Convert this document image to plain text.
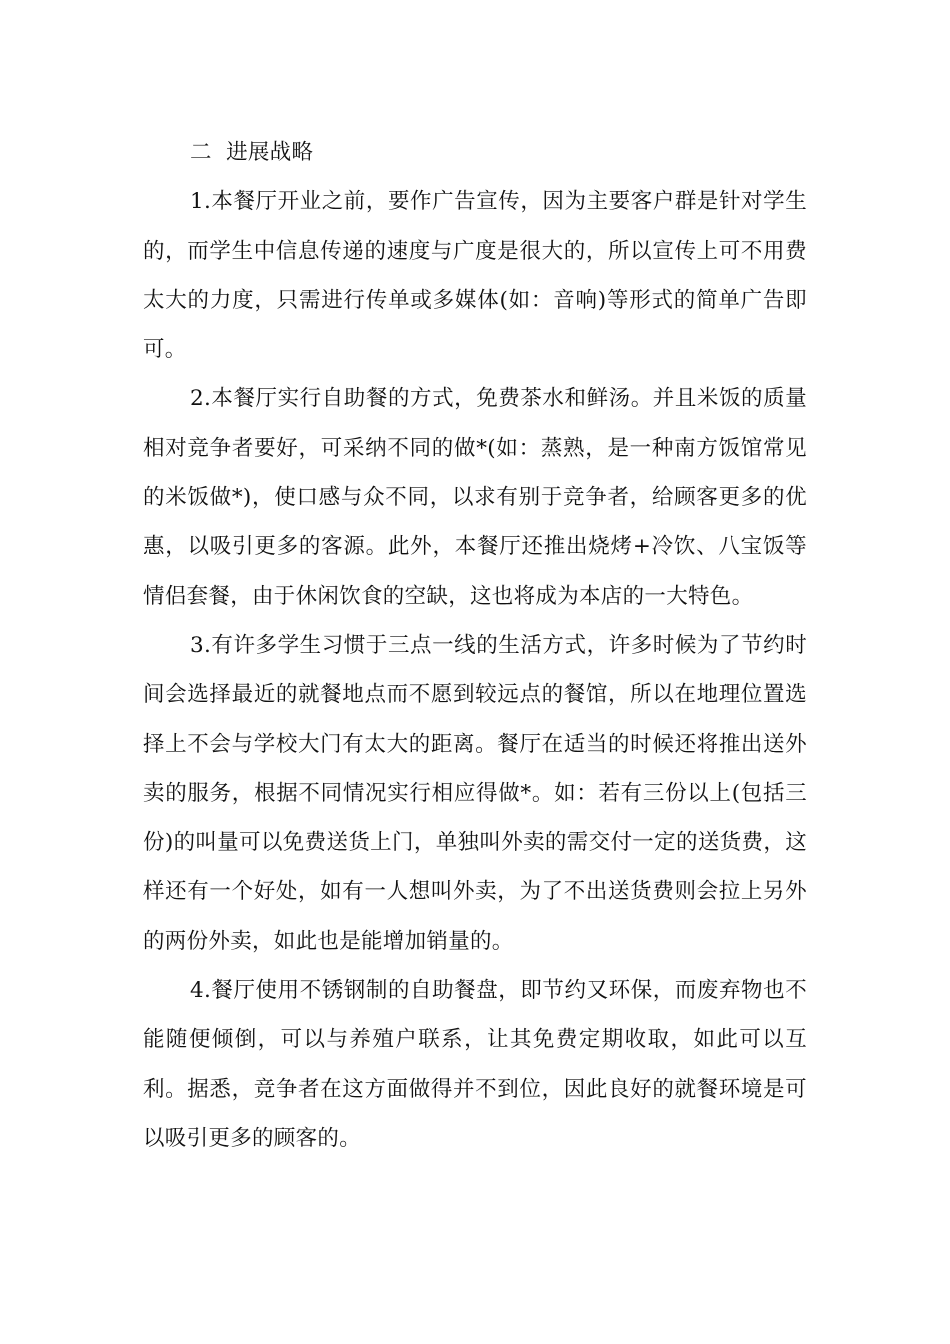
二  进展战略

1.本餐厅开业之前，要作广告宣传，因为主要客户群是针对学生的，而学生中信息传递的速度与广度是很大的，所以宣传上可不用费太大的力度，只需进行传单或多媒体(如：音响)等形式的简单广告即可。

2.本餐厅实行自助餐的方式，免费茶水和鲜汤。并且米饭的质量相对竞争者要好，可采纳不同的做*(如：蒸熟，是一种南方饭馆常见的米饭做*)，使口感与众不同，以求有别于竞争者，给顾客更多的优惠，以吸引更多的客源。此外，本餐厅还推出烧烤+冷饮、八宝饭等情侣套餐，由于休闲饮食的空缺，这也将成为本店的一大特色。

3.有许多学生习惯于三点一线的生活方式，许多时候为了节约时间会选择最近的就餐地点而不愿到较远点的餐馆，所以在地理位置选择上不会与学校大门有太大的距离。餐厅在适当的时候还将推出送外卖的服务，根据不同情况实行相应得做*。如：若有三份以上(包括三份)的叫量可以免费送货上门，单独叫外卖的需交付一定的送货费，这样还有一个好处，如有一人想叫外卖，为了不出送货费则会拉上另外的两份外卖，如此也是能增加销量的。

4.餐厅使用不锈钢制的自助餐盘，即节约又环保，而废弃物也不能随便倾倒，可以与养殖户联系，让其免费定期收取，如此可以互利。据悉，竞争者在这方面做得并不到位，因此良好的就餐环境是可以吸引更多的顾客的。
